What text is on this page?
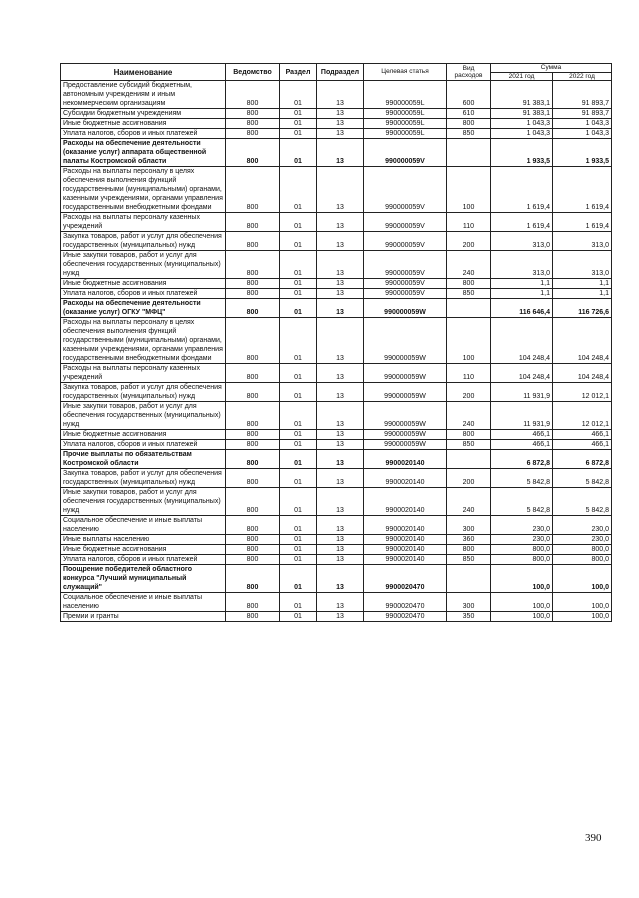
Наименование	Ведомство	Раздел	Подраздел	Целевая статья	Вид расходов	Сумма	
						2021 год	2022 год
Предоставление субсидий бюджетным, автономным учреждениям и иным некоммерческим организациям	800	01	13	990000059L	600	91 383,1	91 893,7
Субсидии бюджетным учреждениям	800	01	13	990000059L	610	91 383,1	91 893,7
Иные бюджетные ассигнования	800	01	13	990000059L	800	1 043,3	1 043,3
Уплата налогов, сборов и иных платежей	800	01	13	990000059L	850	1 043,3	1 043,3
Расходы на обеспечение деятельности (оказание услуг) аппарата общественной палаты Костромской области	800	01	13	990000059V		1 933,5	1 933,5
Расходы на выплаты персоналу в целях обеспечения выполнения функций государственными (муниципальными) органами, казенными учреждениями, органами управления государственными внебюджетными фондами	800	01	13	990000059V	100	1 619,4	1 619,4
Расходы на выплаты персоналу казенных учреждений	800	01	13	990000059V	110	1 619,4	1 619,4
Закупка товаров, работ и услуг для обеспечения государственных (муниципальных) нужд	800	01	13	990000059V	200	313,0	313,0
Иные закупки товаров, работ и услуг для обеспечения государственных (муниципальных) нужд	800	01	13	990000059V	240	313,0	313,0
Иные бюджетные ассигнования	800	01	13	990000059V	800	1,1	1,1
Уплата налогов, сборов и иных платежей	800	01	13	990000059V	850	1,1	1,1
Расходы на обеспечение деятельности (оказание услуг) ОГКУ "МФЦ"	800	01	13	990000059W		116 646,4	116 726,6
Расходы на выплаты персоналу в целях обеспечения выполнения функций государственными (муниципальными) органами, казенными учреждениями, органами управления государственными внебюджетными фондами	800	01	13	990000059W	100	104 248,4	104 248,4
Расходы на выплаты персоналу казенных учреждений	800	01	13	990000059W	110	104 248,4	104 248,4
Закупка товаров, работ и услуг для обеспечения государственных (муниципальных) нужд	800	01	13	990000059W	200	11 931,9	12 012,1
Иные закупки товаров, работ и услуг для обеспечения государственных (муниципальных) нужд	800	01	13	990000059W	240	11 931,9	12 012,1
Иные бюджетные ассигнования	800	01	13	990000059W	800	466,1	466,1
Уплата налогов, сборов и иных платежей	800	01	13	990000059W	850	466,1	466,1
Прочие выплаты по обязательствам Костромской области	800	01	13	9900020140		6 872,8	6 872,8
Закупка товаров, работ и услуг для обеспечения государственных (муниципальных) нужд	800	01	13	9900020140	200	5 842,8	5 842,8
Иные закупки товаров, работ и услуг для обеспечения государственных (муниципальных) нужд	800	01	13	9900020140	240	5 842,8	5 842,8
Социальное обеспечение и иные выплаты населению	800	01	13	9900020140	300	230,0	230,0
Иные выплаты населению	800	01	13	9900020140	360	230,0	230,0
Иные бюджетные ассигнования	800	01	13	9900020140	800	800,0	800,0
Уплата налогов, сборов и иных платежей	800	01	13	9900020140	850	800,0	800,0
Поощрение победителей областного конкурса "Лучший муниципальный служащий"	800	01	13	9900020470		100,0	100,0
Социальное обеспечение и иные выплаты населению	800	01	13	9900020470	300	100,0	100,0
Премии и гранты	800	01	13	9900020470	350	100,0	100,0
390
